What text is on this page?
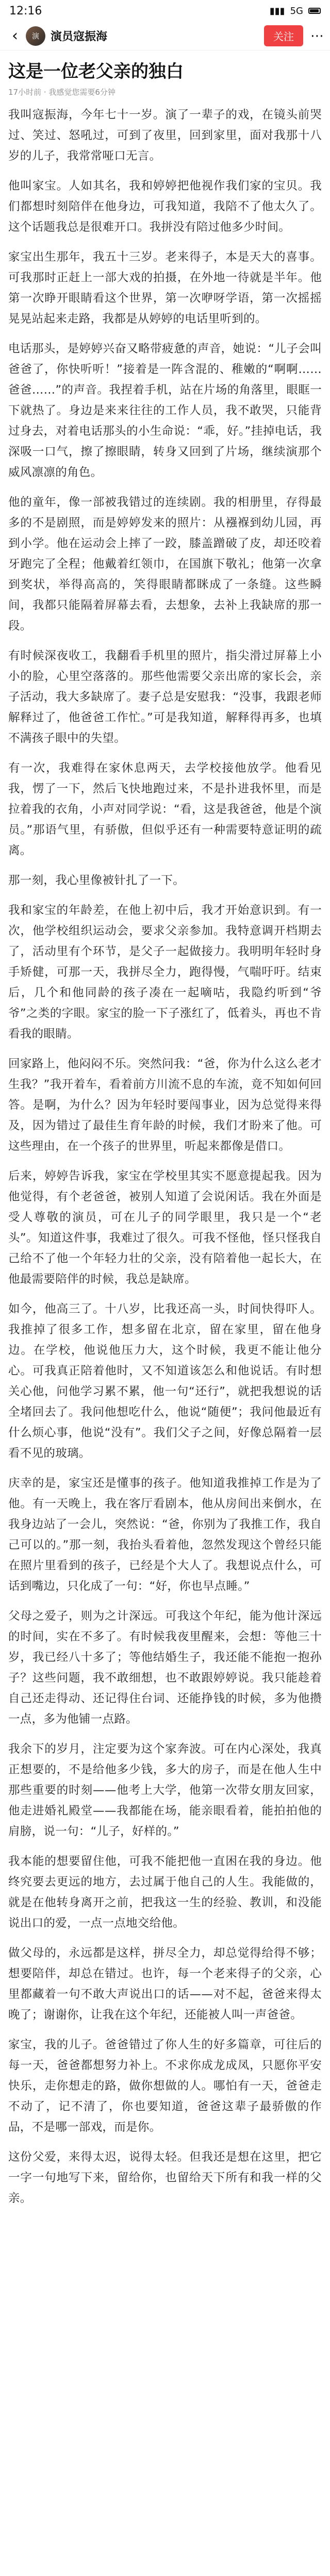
12:16	▮▮▮ 5G
‹	演	演员寇振海	关注	⋯
这是一位老父亲的独白
17小时前 · 我感觉您需要6分钟

我叫寇振海，今年七十一岁。演了一辈子的戏，在镜头前哭过、笑过、怒吼过，可到了夜里，回到家里，面对我那十八岁的儿子，我常常哑口无言。

他叫家宝。人如其名，我和婷婷把他视作我们家的宝贝。我们都想时刻陪伴在他身边，可我知道，我陪不了他太久了。这个话题我总是很难开口。我拼没有陪过他多少时间。

家宝出生那年，我五十三岁。老来得子，本是天大的喜事。可我那时正赶上一部大戏的拍摄，在外地一待就是半年。他第一次睁开眼睛看这个世界，第一次咿呀学语，第一次摇摇晃晃站起来走路，我都是从婷婷的电话里听到的。

电话那头，是婷婷兴奋又略带疲惫的声音，她说：“儿子会叫爸爸了，你快听听！”接着是一阵含混的、稚嫩的“啊啊……爸爸……”的声音。我捏着手机，站在片场的角落里，眼眶一下就热了。身边是来来往往的工作人员，我不敢哭，只能背过身去，对着电话那头的小生命说：“乖，好。”挂掉电话，我深吸一口气，擦了擦眼睛，转身又回到了片场，继续演那个威风凛凛的角色。

他的童年，像一部被我错过的连续剧。我的相册里，存得最多的不是剧照，而是婷婷发来的照片：从襁褓到幼儿园，再到小学。他在运动会上摔了一跤，膝盖蹭破了皮，却还咬着牙跑完了全程；他戴着红领巾，在国旗下敬礼；他第一次拿到奖状，举得高高的，笑得眼睛都眯成了一条缝。这些瞬间，我都只能隔着屏幕去看，去想象，去补上我缺席的那一段。

有时候深夜收工，我翻看手机里的照片，指尖滑过屏幕上小小的脸，心里空落落的。那些他需要父亲出席的家长会，亲子活动，我大多缺席了。妻子总是安慰我：“没事，我跟老师解释过了，他爸爸工作忙。”可是我知道，解释得再多，也填不满孩子眼中的失望。

有一次，我难得在家休息两天，去学校接他放学。他看见我，愣了一下，然后飞快地跑过来，不是扑进我怀里，而是拉着我的衣角，小声对同学说：“看，这是我爸爸，他是个演员。”那语气里，有骄傲，但似乎还有一种需要特意证明的疏离。

那一刻，我心里像被针扎了一下。

我和家宝的年龄差，在他上初中后，我才开始意识到。有一次，他学校组织运动会，要求父亲参加。我特意调开档期去了，活动里有个环节，是父子一起做接力。我明明年轻时身手矫健，可那一天，我拼尽全力，跑得慢，气喘吁吁。结束后，几个和他同龄的孩子凑在一起嘀咕，我隐约听到“爷爷”之类的字眼。家宝的脸一下子涨红了，低着头，再也不肯看我的眼睛。

回家路上，他闷闷不乐。突然问我：“爸，你为什么这么老才生我？”我开着车，看着前方川流不息的车流，竟不知如何回答。是啊，为什么？因为年轻时要闯事业，因为总觉得来得及，因为错过了最佳生育年龄的时候，我们才盼来了他。可这些理由，在一个孩子的世界里，听起来都像是借口。

后来，婷婷告诉我，家宝在学校里其实不愿意提起我。因为他觉得，有个老爸爸，被别人知道了会说闲话。我在外面是受人尊敬的演员，可在儿子的同学眼里，我只是一个“老头”。知道这件事，我难过了很久。可我不怪他，怪只怪我自己给不了他一个年轻力壮的父亲，没有陪着他一起长大，在他最需要陪伴的时候，我总是缺席。

如今，他高三了。十八岁，比我还高一头，时间快得吓人。我推掉了很多工作，想多留在北京，留在家里，留在他身边。在学校，他说他压力大，这个时候，我更不能让他分心。可我真正陪着他时，又不知道该怎么和他说话。有时想关心他，问他学习累不累，他一句“还行”，就把我想说的话全堵回去了。我问他想吃什么，他说“随便”；我问他最近有什么烦心事，他说“没有”。我们父子之间，好像总隔着一层看不见的玻璃。

庆幸的是，家宝还是懂事的孩子。他知道我推掉工作是为了他。有一天晚上，我在客厅看剧本，他从房间出来倒水，在我身边站了一会儿，突然说：“爸，你别为了我推工作，我自己可以的。”那一刻，我抬头看着他，忽然发现这个曾经只能在照片里看到的孩子，已经是个大人了。我想说点什么，可话到嘴边，只化成了一句：“好，你也早点睡。”

父母之爱子，则为之计深远。可我这个年纪，能为他计深远的时间，实在不多了。有时候我夜里醒来，会想：等他三十岁，我已经八十多了；等他结婚生子，我还能不能抱一抱孙子？这些问题，我不敢细想，也不敢跟婷婷说。我只能趁着自己还走得动、还记得住台词、还能挣钱的时候，多为他攒一点，多为他铺一点路。

我余下的岁月，注定要为这个家奔波。可在内心深处，我真正想要的，不是给他多少钱，多大的房子，而是在他人生中那些重要的时刻——他考上大学，他第一次带女朋友回家，他走进婚礼殿堂——我都能在场，能亲眼看着，能拍拍他的肩膀，说一句：“儿子，好样的。”

我本能的想要留住他，可我不能把他一直困在我的身边。他终究要去更远的地方，去过属于他自己的人生。我能做的，就是在他转身离开之前，把我这一生的经验、教训，和没能说出口的爱，一点一点地交给他。

做父母的，永远都是这样，拼尽全力，却总觉得给得不够；想要陪伴，却总在错过。也许，每一个老来得子的父亲，心里都藏着一句不敢大声说出口的话——对不起，爸爸来得太晚了；谢谢你，让我在这个年纪，还能被人叫一声爸爸。

家宝，我的儿子。爸爸错过了你人生的好多篇章，可往后的每一天，爸爸都想努力补上。不求你成龙成凤，只愿你平安快乐，走你想走的路，做你想做的人。哪怕有一天，爸爸走不动了，记不清了，你也要知道，爸爸这辈子最骄傲的作品，不是哪一部戏，而是你。

这份父爱，来得太迟，说得太轻。但我还是想在这里，把它一字一句地写下来，留给你，也留给天下所有和我一样的父亲。
